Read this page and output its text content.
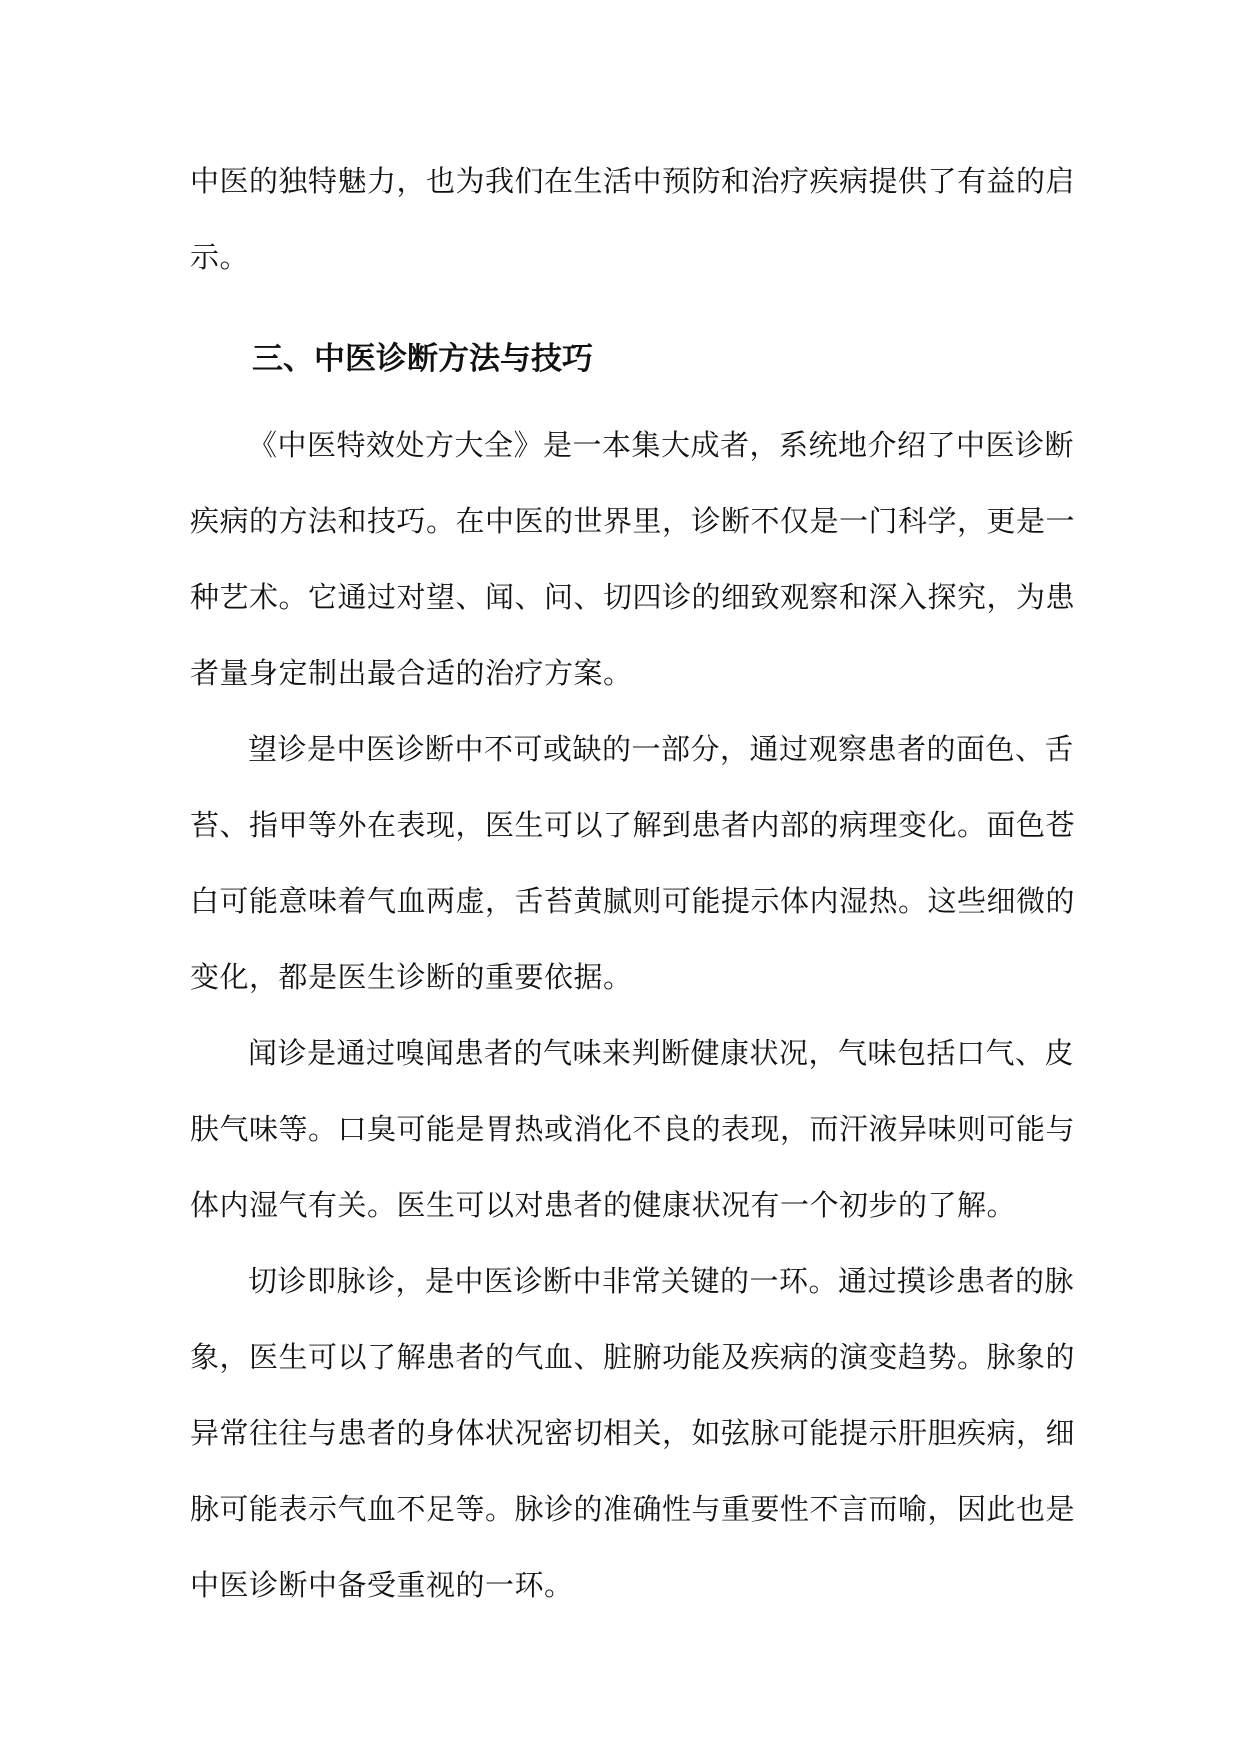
中医的独特魅力，也为我们在生活中预防和治疗疾病提供了有益的启
示。
三、中医诊断方法与技巧
《中医特效处方大全》是一本集大成者，系统地介绍了中医诊断
疾病的方法和技巧。在中医的世界里，诊断不仅是一门科学，更是一
种艺术。它通过对望、闻、问、切四诊的细致观察和深入探究，为患
者量身定制出最合适的治疗方案。
望诊是中医诊断中不可或缺的一部分，通过观察患者的面色、舌
苔、指甲等外在表现，医生可以了解到患者内部的病理变化。面色苍
白可能意味着气血两虚，舌苔黄腻则可能提示体内湿热。这些细微的
变化，都是医生诊断的重要依据。
闻诊是通过嗅闻患者的气味来判断健康状况，气味包括口气、皮
肤气味等。口臭可能是胃热或消化不良的表现，而汗液异味则可能与
体内湿气有关。医生可以对患者的健康状况有一个初步的了解。
切诊即脉诊，是中医诊断中非常关键的一环。通过摸诊患者的脉
象，医生可以了解患者的气血、脏腑功能及疾病的演变趋势。脉象的
异常往往与患者的身体状况密切相关，如弦脉可能提示肝胆疾病，细
脉可能表示气血不足等。脉诊的准确性与重要性不言而喻，因此也是
中医诊断中备受重视的一环。
